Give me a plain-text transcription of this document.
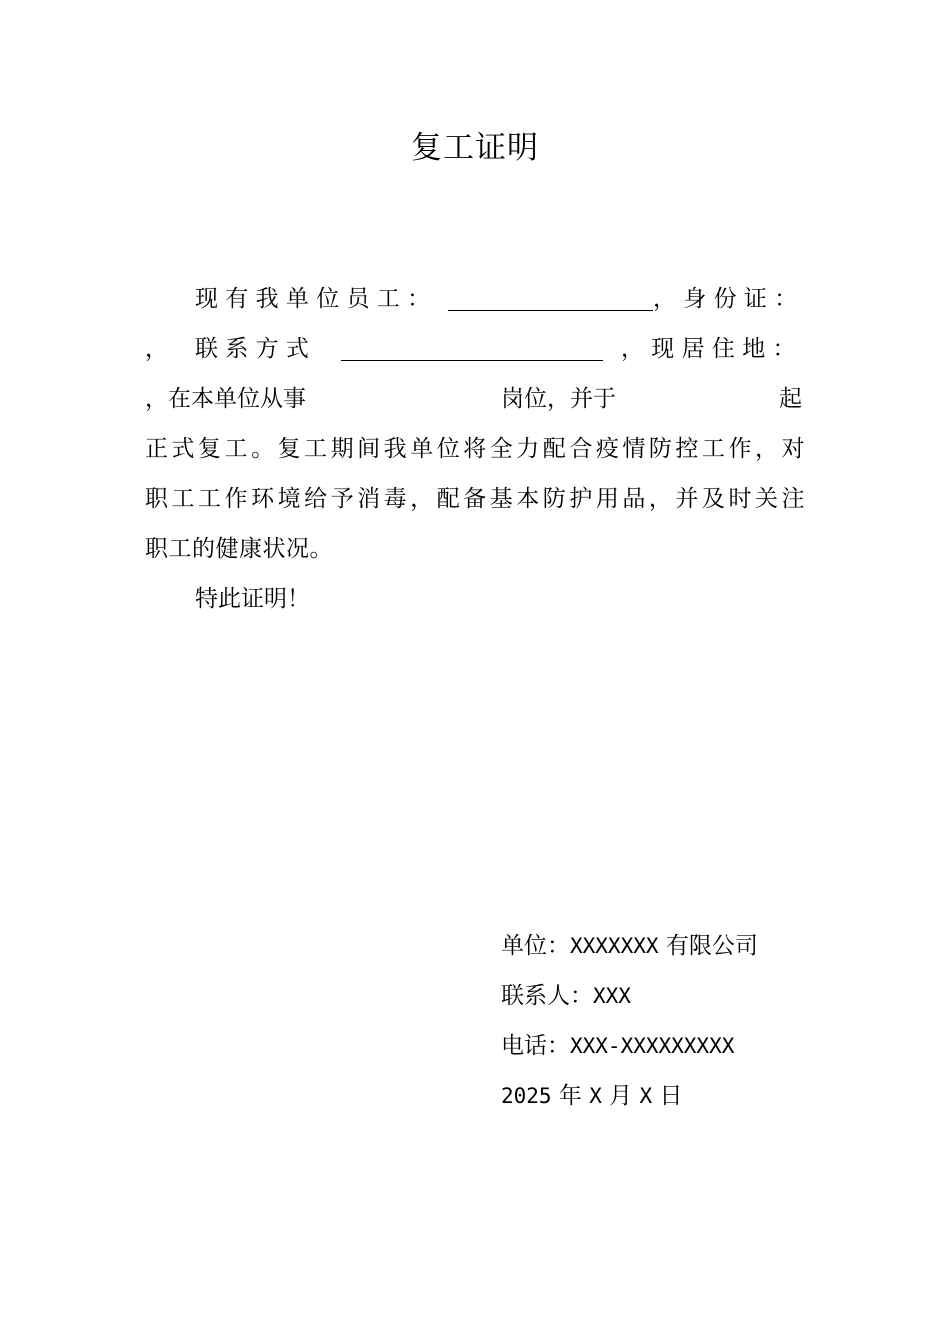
复工证明
现 有 我 单 位 员 工 ：	， 身 份 证 ：
， 联 系 方 式	， 现 居 住 地 ：
，在本单位从事	岗位，并于	起
正式复工。复工期间我单位将全力配合疫情防控工作，对
职工工作环境给予消毒，配备基本防护用品，并及时关注
职工的健康状况。
特此证明！
单位：XXXXXXX 有限公司
联系人：XXX
电话：XXX-XXXXXXXXX
2025 年 X 月 X 日
